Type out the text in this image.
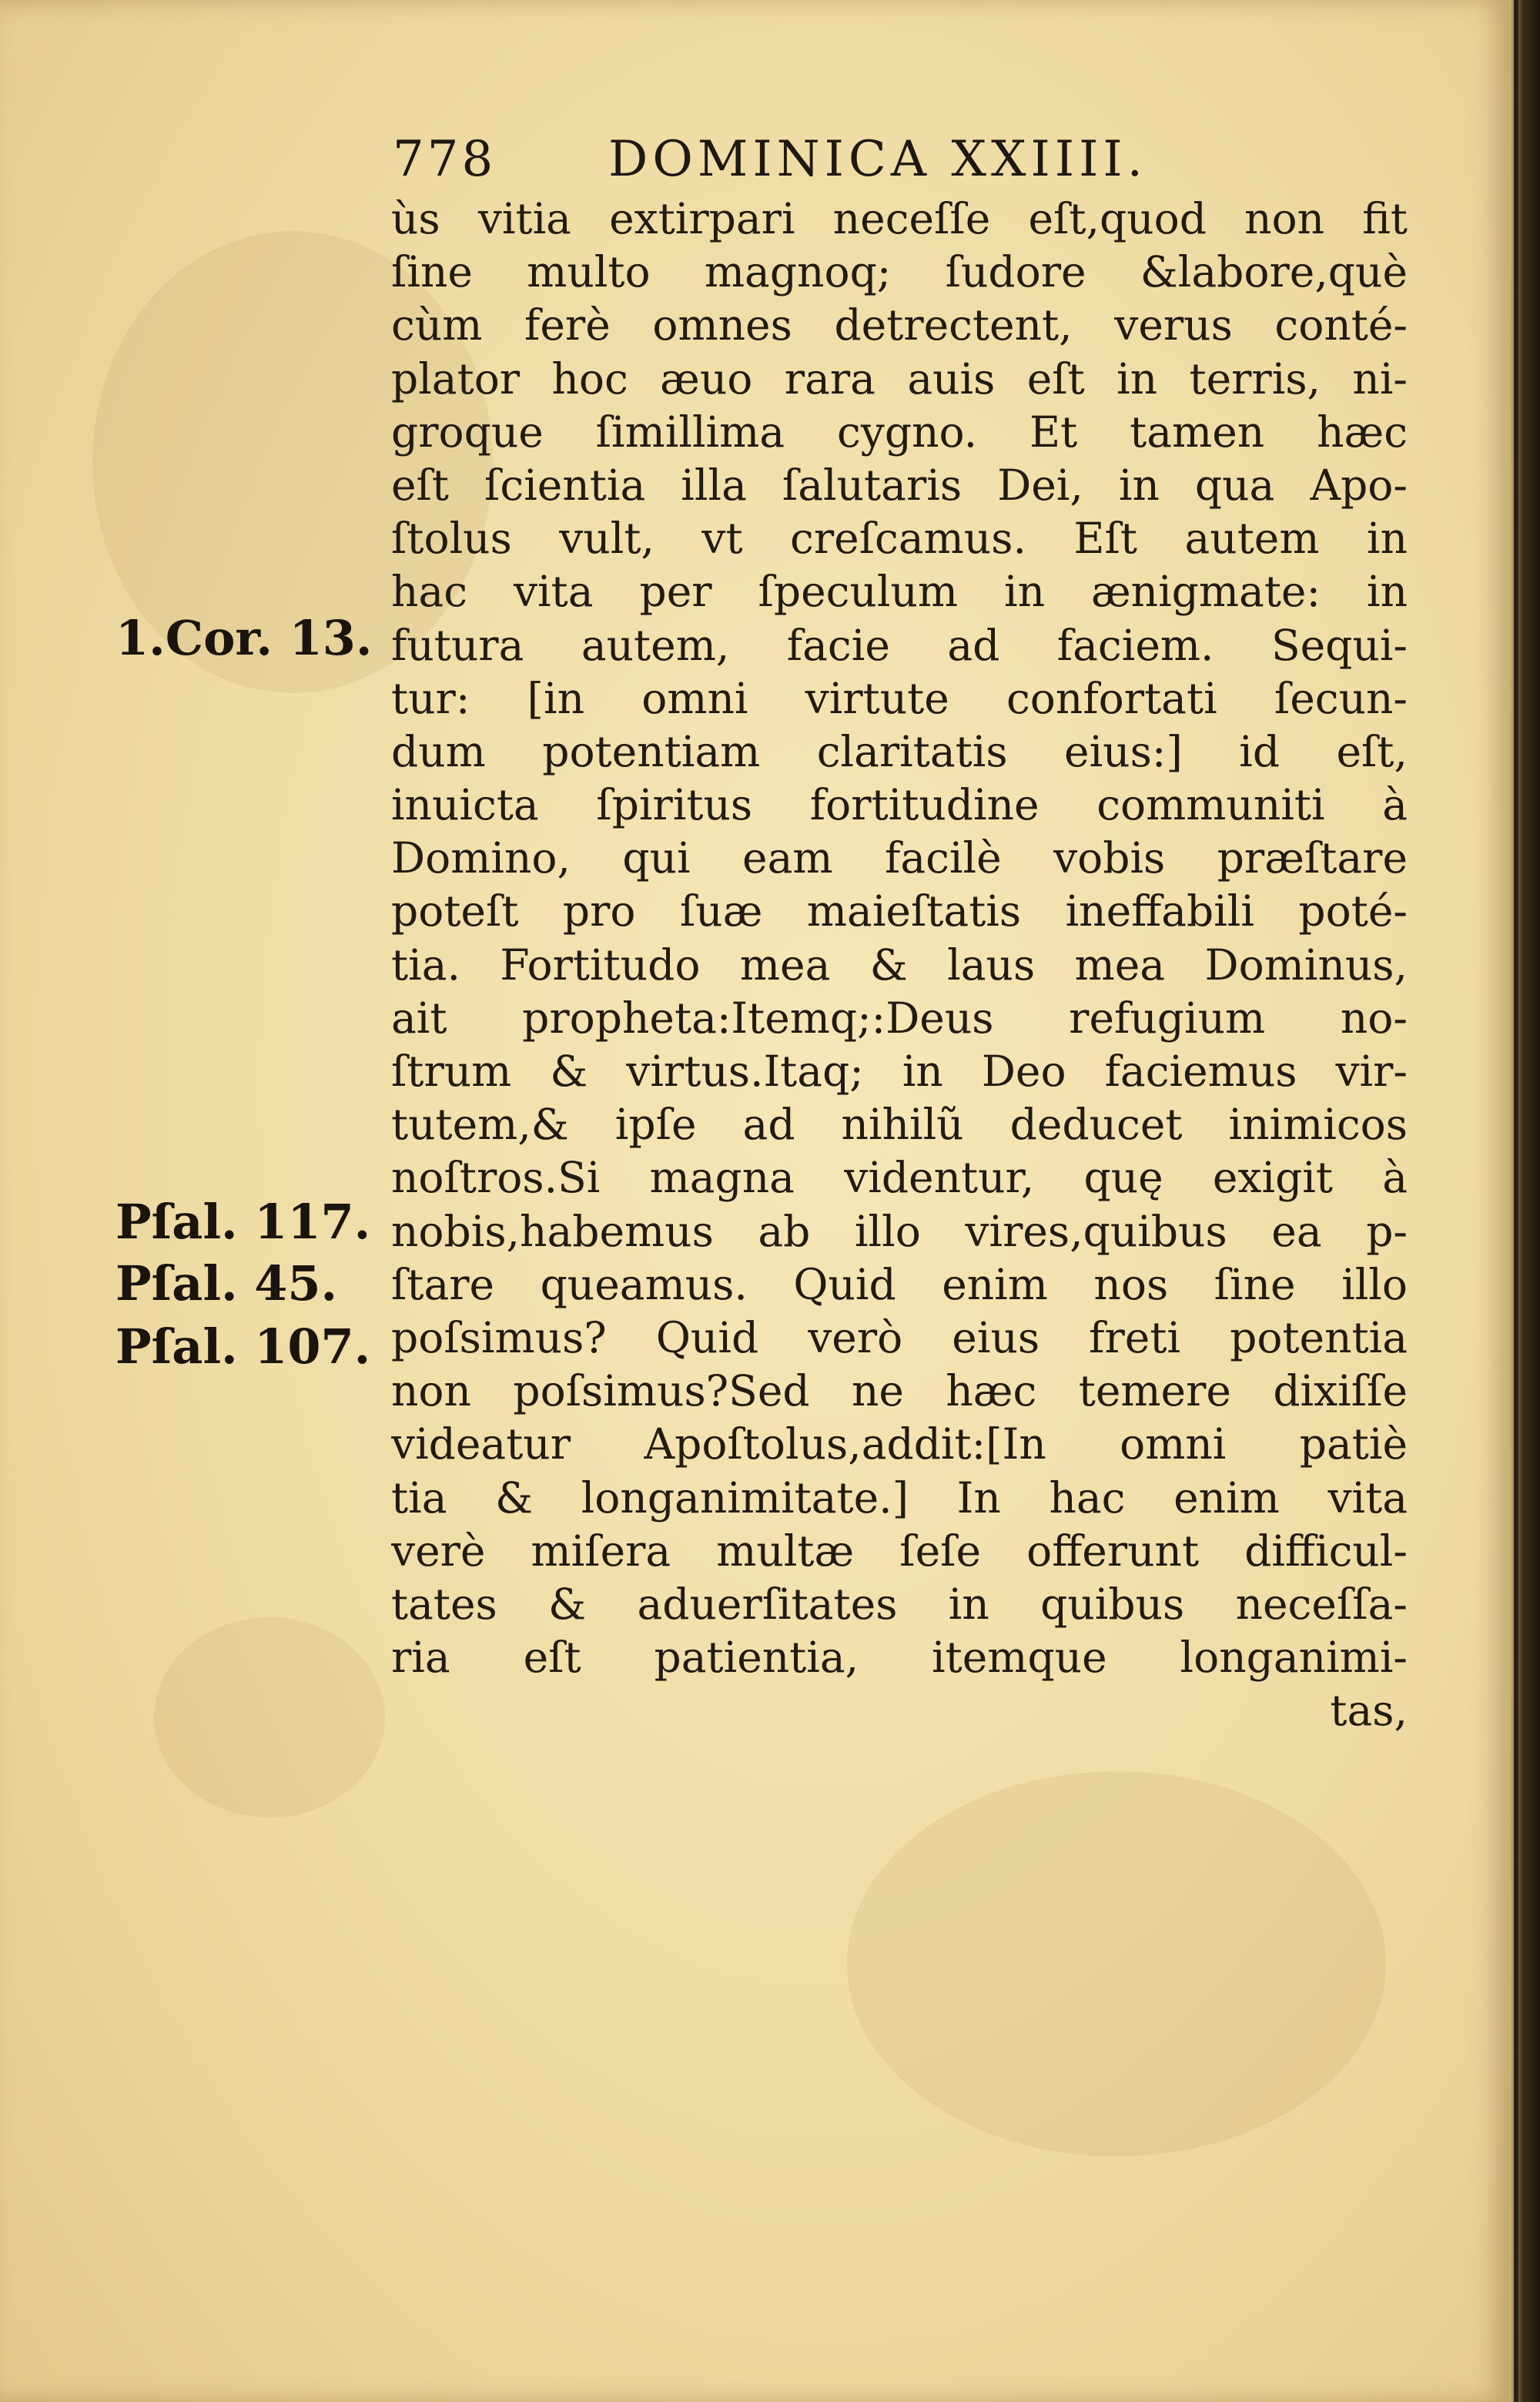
778 DOMINICA XXIIII.
ùs vitia extirpari neceſſe eſt,quod non fit
ſine multo magnoq; ſudore &labore,què
cùm ferè omnes detrectent, verus conté-
plator hoc æuo rara auis eſt in terris, ni-
groque ſimillima cygno. Et tamen hæc
eſt ſcientia illa ſalutaris Dei, in qua Apo-
ſtolus vult, vt creſcamus. Eſt autem in
hac vita per ſpeculum in ænigmate: in
futura autem, facie ad faciem. Sequi-
tur: [in omni virtute confortati ſecun-
dum potentiam claritatis eius:] id eſt,
inuicta ſpiritus fortitudine communiti à
Domino, qui eam facilè vobis præſtare
poteſt pro ſuæ maieſtatis ineffabili poté-
tia. Fortitudo mea & laus mea Dominus,
ait propheta:Itemq;:Deus refugium no-
ſtrum & virtus.Itaq; in Deo faciemus vir-
tutem,& ipſe ad nihilũ deducet inimicos
noſtros.Si magna videntur, quę exigit à
nobis,habemus ab illo vires,quibus ea p-
ſtare queamus. Quid enim nos ſine illo
poſsimus? Quid verò eius freti potentia
non poſsimus?Sed ne hæc temere dixiſſe
videatur Apoſtolus,addit:[In omni patiè
tia & longanimitate.] In hac enim vita
verè miſera multæ ſeſe offerunt difficul-
tates & aduerſitates in quibus neceſſa-
ria eſt patientia, itemque longanimi-
tas,
1.Cor. 13.
Pſal. 117.
Pſal. 45.
Pſal. 107.
